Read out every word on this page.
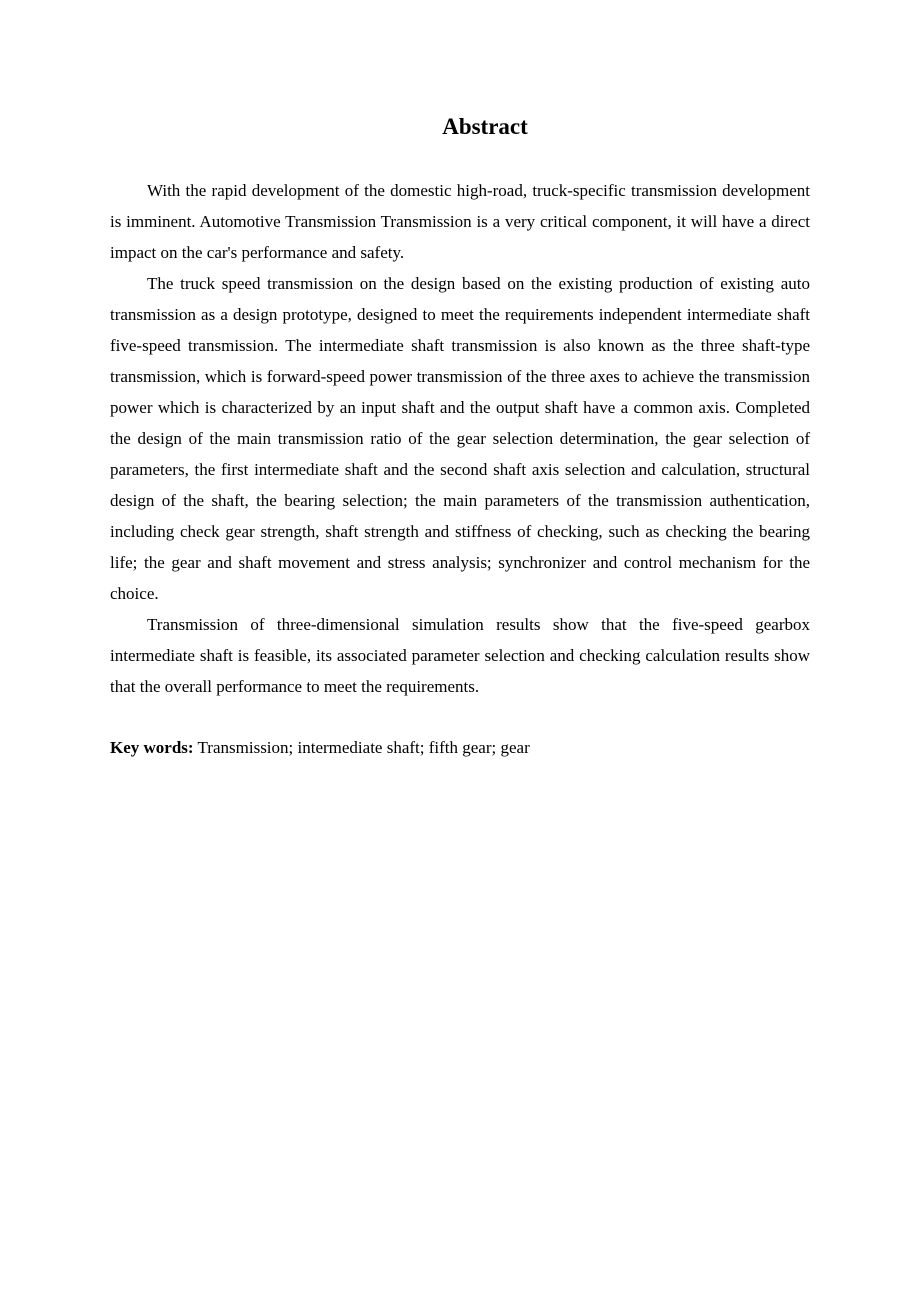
Abstract

With the rapid development of the domestic high-road, truck-specific transmission development is imminent. Automotive Transmission Transmission is a very critical component, it will have a direct impact on the car's performance and safety.

The truck speed transmission on the design based on the existing production of existing auto transmission as a design prototype, designed to meet the requirements independent intermediate shaft five-speed transmission. The intermediate shaft transmission is also known as the three shaft-type transmission, which is forward-speed power transmission of the three axes to achieve the transmission power which is characterized by an input shaft and the output shaft have a common axis. Completed the design of the main transmission ratio of the gear selection determination, the gear selection of parameters, the first intermediate shaft and the second shaft axis selection and calculation, structural design of the shaft, the bearing selection; the main parameters of the transmission authentication, including check gear strength, shaft strength and stiffness of checking, such as checking the bearing life; the gear and shaft movement and stress analysis; synchronizer and control mechanism for the choice.

Transmission of three-dimensional simulation results show that the five-speed gearbox intermediate shaft is feasible, its associated parameter selection and checking calculation results show that the overall performance to meet the requirements.

Key words: Transmission; intermediate shaft; fifth gear; gear
